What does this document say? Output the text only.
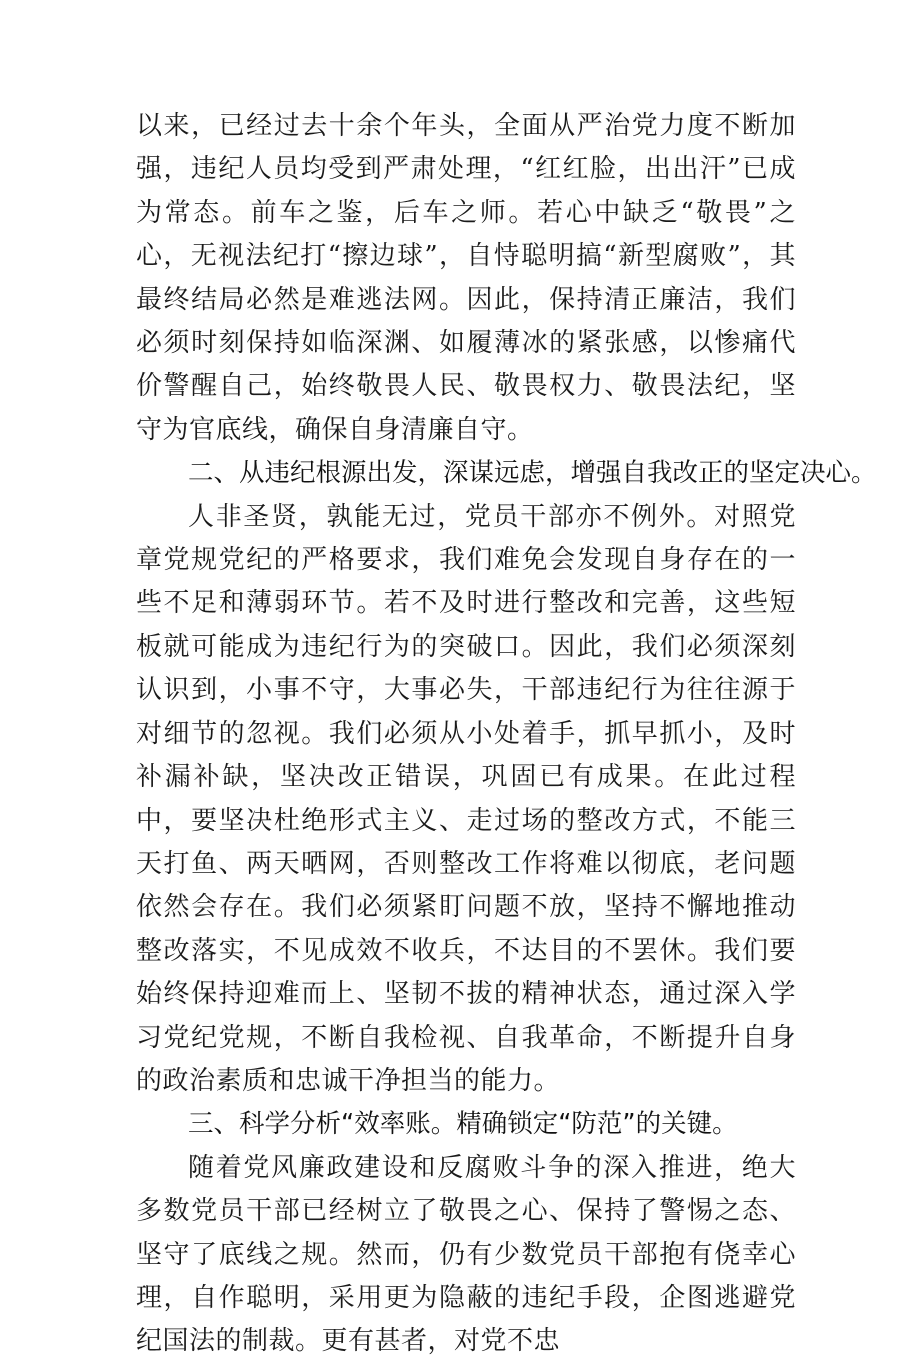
以来，已经过去十余个年头，全面从严治党力度不断加强，违纪人员均受到严肃处理，“红红脸，出出汗”已成为常态。前车之鉴，后车之师。若心中缺乏“敬畏”之心，无视法纪打“擦边球”，自恃聪明搞“新型腐败”，其最终结局必然是难逃法网。因此，保持清正廉洁，我们必须时刻保持如临深渊、如履薄冰的紧张感，以惨痛代价警醒自己，始终敬畏人民、敬畏权力、敬畏法纪，坚守为官底线，确保自身清廉自守。

二、从违纪根源出发，深谋远虑，增强自我改正的坚定决心。

人非圣贤，孰能无过，党员干部亦不例外。对照党章党规党纪的严格要求，我们难免会发现自身存在的一些不足和薄弱环节。若不及时进行整改和完善，这些短板就可能成为违纪行为的突破口。因此，我们必须深刻认识到，小事不守，大事必失，干部违纪行为往往源于对细节的忽视。我们必须从小处着手，抓早抓小，及时补漏补缺，坚决改正错误，巩固已有成果。在此过程中，要坚决杜绝形式主义、走过场的整改方式，不能三天打鱼、两天晒网，否则整改工作将难以彻底，老问题依然会存在。我们必须紧盯问题不放，坚持不懈地推动整改落实，不见成效不收兵，不达目的不罢休。我们要始终保持迎难而上、坚韧不拔的精神状态，通过深入学习党纪党规，不断自我检视、自我革命，不断提升自身的政治素质和忠诚干净担当的能力。

三、科学分析“效率账。精确锁定“防范”的关键。

随着党风廉政建设和反腐败斗争的深入推进，绝大多数党员干部已经树立了敬畏之心、保持了警惕之态、坚守了底线之规。然而，仍有少数党员干部抱有侥幸心理，自作聪明，采用更为隐蔽的违纪手段，企图逃避党纪国法的制裁。更有甚者，对党不忠
